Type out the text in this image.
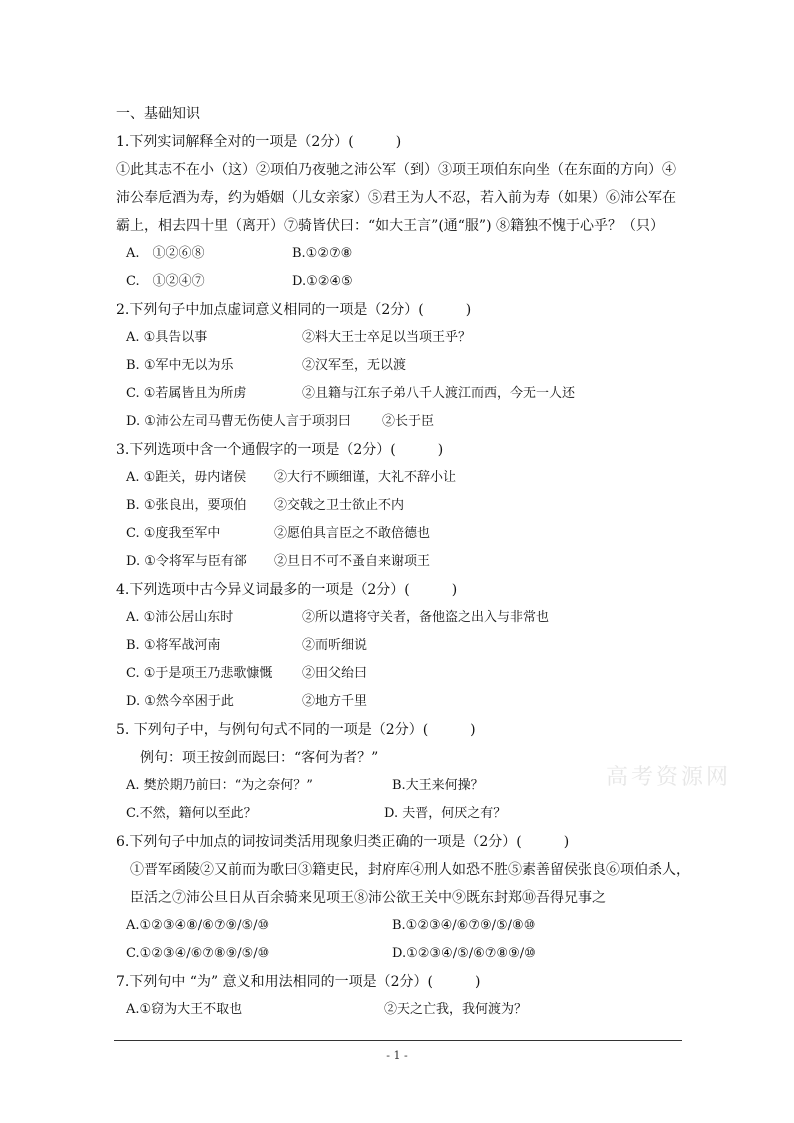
一、基础知识
1.下列实词解释全对的一项是（2分）(　　　)
①此其志不在小（这）②项伯乃夜驰之沛公军（到）③项王项伯东向坐（在东面的方向）④
沛公奉卮酒为寿，约为婚姻（儿女亲家）⑤君王为人不忍，若入前为寿（如果）⑥沛公军在
霸上，相去四十里（离开）⑦骑皆伏曰：“如大王言”(通“服”) ⑧籍独不愧于心乎？（只）
A.　①②⑥⑧	B.①②⑦⑧
C.　①②④⑦	D.①②④⑤
2.下列句子中加点虚词意义相同的一项是（2分）(　　　)
A. ①具告以事	②料大王士卒足以当项王乎？
B. ①军中无以为乐	②汉军至，无以渡
C. ①若属皆且为所虏	②且籍与江东子弟八千人渡江而西，今无一人还
D. ①沛公左司马曹无伤使人言于项羽曰 ②长于臣
3.下列选项中含一个通假字的一项是（2分）(　　　)
A. ①距关，毋内诸侯 ②大行不顾细谨，大礼不辞小让
B. ①张良出，要项伯 ②交戟之卫士欲止不内
C. ①度我至军中	②愿伯具言臣之不敢倍德也
D. ①令将军与臣有郤 ②旦日不可不蚤自来谢项王
4.下列选项中古今异义词最多的一项是（2分）(　　　)
A. ①沛公居山东时	②所以遣将守关者，备他盗之出入与非常也
B. ①将军战河南	②而听细说
C. ①于是项王乃悲歌慷慨 ②田父绐曰
D. ①然今卒困于此	②地方千里
5. 下列句子中，与例句句式不同的一项是（2分）(　　　)
例句：项王按剑而跽曰：“客何为者？”
A. 樊於期乃前曰：“为之奈何？”	B.大王来何操？
C.不然，籍何以至此？	D. 夫晋，何厌之有？
6.下列句子中加点的词按词类活用现象归类正确的一项是（2分）(　　　)
①晋军函陵②又前而为歌曰③籍吏民，封府库④刑人如恐不胜⑤素善留侯张良⑥项伯杀人，
臣活之⑦沛公旦日从百余骑来见项王⑧沛公欲王关中⑨既东封郑⑩吾得兄事之
A.①②③④⑧/⑥⑦⑨/⑤/⑩	B.①②③④/⑥⑦⑨/⑤/⑧⑩
C.①②③④/⑥⑦⑧⑨/⑤/⑩	D.①②③④/⑤/⑥⑦⑧⑨/⑩
7.下列句中 “为” 意义和用法相同的一项是（2分）(　　　)
A.①窃为大王不取也	②天之亡我，我何渡为？
高考资源网
- 1 -
